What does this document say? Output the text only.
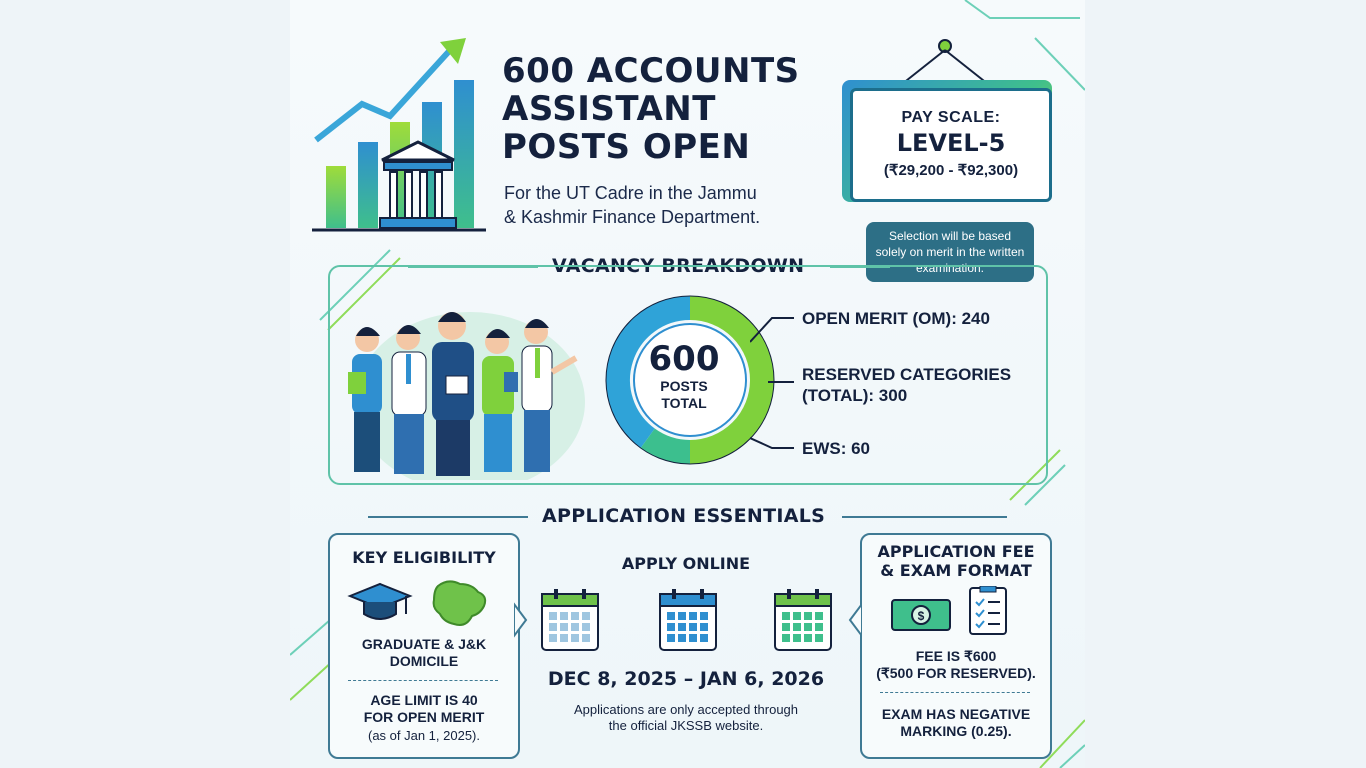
600 ACCOUNTS
ASSISTANT
POSTS OPEN
For the UT Cadre in the Jammu
& Kashmir Finance Department.
PAY SCALE:
LEVEL-5
(₹29,200 - ₹92,300)
Selection will be based solely on merit in the written examination.
VACANCY BREAKDOWN
600
POSTS
TOTAL
OPEN MERIT (OM): 240
RESERVED CATEGORIES
(TOTAL): 300
EWS: 60
APPLICATION ESSENTIALS
KEY ELIGIBILITY
GRADUATE & J&K
DOMICILE
AGE LIMIT IS 40
FOR OPEN MERIT
(as of Jan 1, 2025).
APPLY ONLINE
DEC 8, 2025 – JAN 6, 2026
Applications are only accepted through
the official JKSSB website.
APPLICATION FEE
& EXAM FORMAT
$
FEE IS ₹600
(₹500 FOR RESERVED).
EXAM HAS NEGATIVE
MARKING (0.25).
